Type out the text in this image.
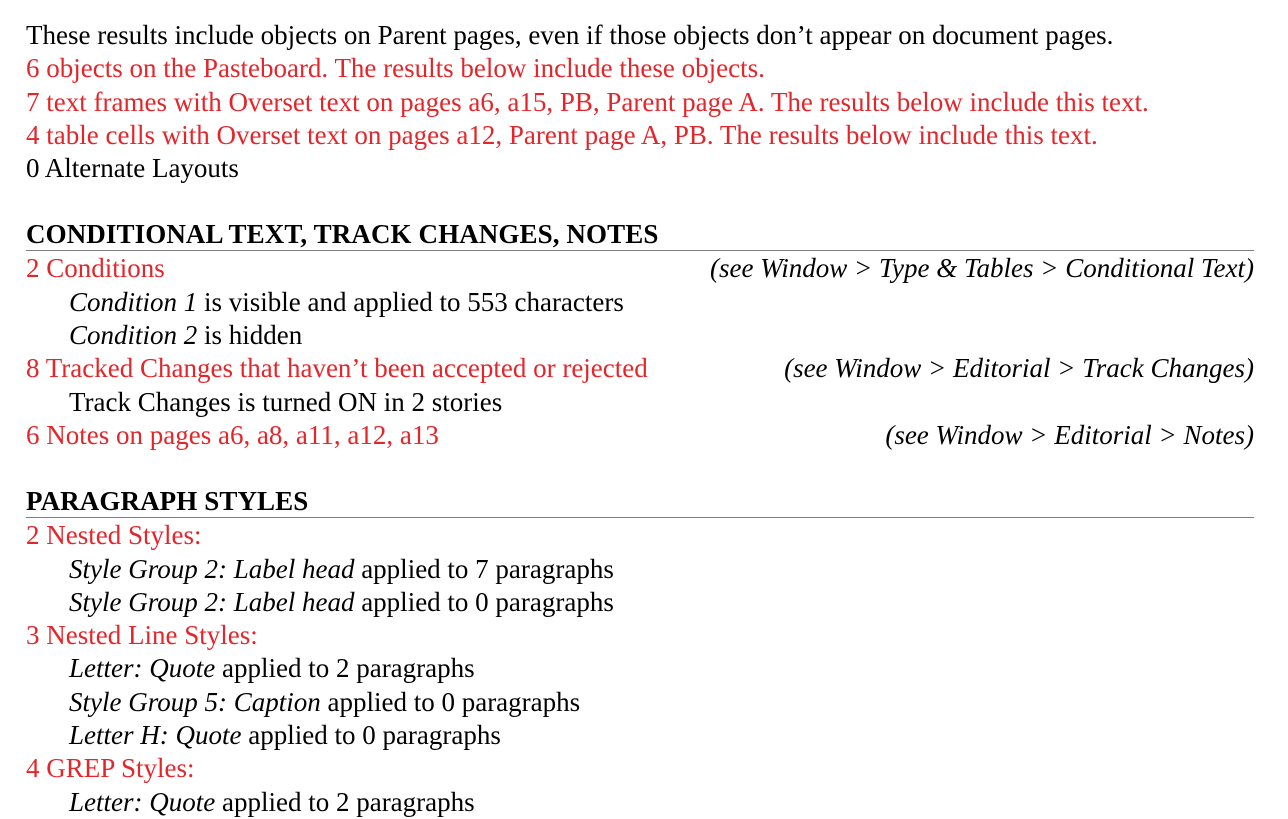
These results include objects on Parent pages, even if those objects don’t appear on document pages.
6 objects on the Pasteboard. The results below include these objects.
7 text frames with Overset text on pages a6, a15, PB, Parent page A. The results below include this text.
4 table cells with Overset text on pages a12, Parent page A, PB. The results below include this text.
0 Alternate Layouts
CONDITIONAL TEXT, TRACK CHANGES, NOTES
2 Conditions	(see Window > Type & Tables > Conditional Text)
Condition 1 is visible and applied to 553 characters
Condition 2 is hidden
8 Tracked Changes that haven’t been accepted or rejected	(see Window > Editorial > Track Changes)
Track Changes is turned ON in 2 stories
6 Notes on pages a6, a8, a11, a12, a13	(see Window > Editorial > Notes)
PARAGRAPH STYLES
2 Nested Styles:
Style Group 2: Label head applied to 7 paragraphs
Style Group 2: Label head applied to 0 paragraphs
3 Nested Line Styles:
Letter: Quote applied to 2 paragraphs
Style Group 5: Caption applied to 0 paragraphs
Letter H: Quote applied to 0 paragraphs
4 GREP Styles:
Letter: Quote applied to 2 paragraphs
